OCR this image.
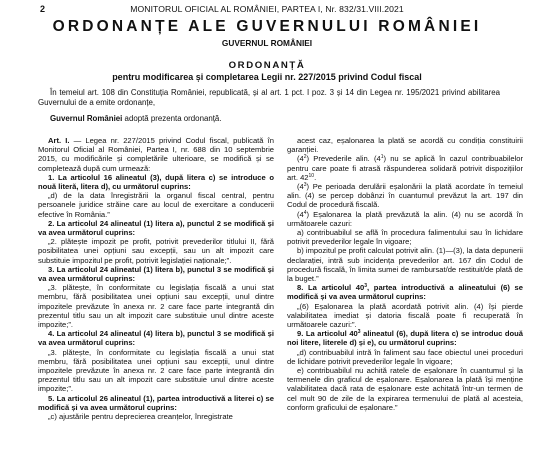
2	MONITORUL OFICIAL AL ROMÂNIEI, PARTEA I, Nr. 832/31.VIII.2021
ORDONANȚE ALE GUVERNULUI ROMÂNIEI
GUVERNUL ROMÂNIEI
ORDONANȚĂ
pentru modificarea și completarea Legii nr. 227/2015 privind Codul fiscal
În temeiul art. 108 din Constituția României, republicată, și al art. 1 pct. I poz. 3 și 14 din Legea nr. 195/2021 privind abilitarea Guvernului de a emite ordonanțe,
Guvernul României adoptă prezenta ordonanță.

Art. I. — Legea nr. 227/2015 privind Codul fiscal, publicată în Monitorul Oficial al României, Partea I, nr. 688 din 10 septembrie 2015, cu modificările și completările ulterioare, se modifică și se completează după cum urmează:

1. La articolul 16 alineatul (3), după litera c) se introduce o nouă literă, litera d), cu următorul cuprins:

„d) de la data înregistrării la organul fiscal central, pentru persoanele juridice străine care au locul de exercitare a conducerii efective în România.”

2. La articolul 24 alineatul (1) litera a), punctul 2 se modifică și va avea următorul cuprins:

„2. plătește impozit pe profit, potrivit prevederilor titlului II, fără posibilitatea unei opțiuni sau excepții, sau un alt impozit care substituie impozitul pe profit, potrivit legislației naționale;”.

3. La articolul 24 alineatul (1) litera b), punctul 3 se modifică și va avea următorul cuprins:

„3. plătește, în conformitate cu legislația fiscală a unui stat membru, fără posibilitatea unei opțiuni sau excepții, unul dintre impozitele prevăzute în anexa nr. 2 care face parte integrantă din prezentul titlu sau un alt impozit care substituie unul dintre aceste impozite;”.

4. La articolul 24 alineatul (4) litera b), punctul 3 se modifică și va avea următorul cuprins:

„3. plătește, în conformitate cu legislația fiscală a unui stat membru, fără posibilitatea unei opțiuni sau excepții, unul dintre impozitele prevăzute în anexa nr. 2 care face parte integrantă din prezentul titlu sau un alt impozit care substituie unul dintre aceste impozite;”.

5. La articolul 26 alineatul (1), partea introductivă a literei c) se modifică și va avea următorul cuprins:

„c) ajustările pentru deprecierea creanțelor, înregistrate

acest caz, eșalonarea la plată se acordă cu condiția constituirii garanției.

$(4^2)$ Prevederile alin. $(4^1)$ nu se aplică în cazul contribuabilelor pentru care poate fi atrasă răspunderea solidară potrivit dispozițiilor art. $42^{10}$.

$(4^3)$ Pe perioada derulării eșalonării la plată acordate în temeiul alin. (4) se percep dobânzi în cuantumul prevăzut la art. 197 din Codul de procedură fiscală.

$(4^4)$ Eșalonarea la plată prevăzută la alin. (4) nu se acordă în următoarele cazuri:

a) contribuabilul se află în procedura falimentului sau în lichidare potrivit prevederilor legale în vigoare;

b) impozitul pe profit calculat potrivit alin. (1)—(3), la data depunerii declarației, intră sub incidența prevederilor art. 167 din Codul de procedură fiscală, în limita sumei de rambursat/de restituit/de plată de la buget.”

8. La articolul $40^3$, partea introductivă a alineatului (6) se modifică și va avea următorul cuprins:

„(6) Eșalonarea la plată acordată potrivit alin. (4) își pierde valabilitatea imediat și datoria fiscală poate fi recuperată în următoarele cazuri:”.

9. La articolul $40^3$ alineatul (6), după litera c) se introduc două noi litere, literele d) și e), cu următorul cuprins:

„d) contribuabilul intră în faliment sau face obiectul unei proceduri de lichidare potrivit prevederilor legale în vigoare;

e) contribuabilul nu achită ratele de eșalonare în cuantumul și la termenele din graficul de eșalonare. Eșalonarea la plată își menține valabilitatea dacă rata de eșalonare este achitată într-un termen de cel mult 90 de zile de la expirarea termenului de plată al acesteia, conform graficului de eșalonare.”
